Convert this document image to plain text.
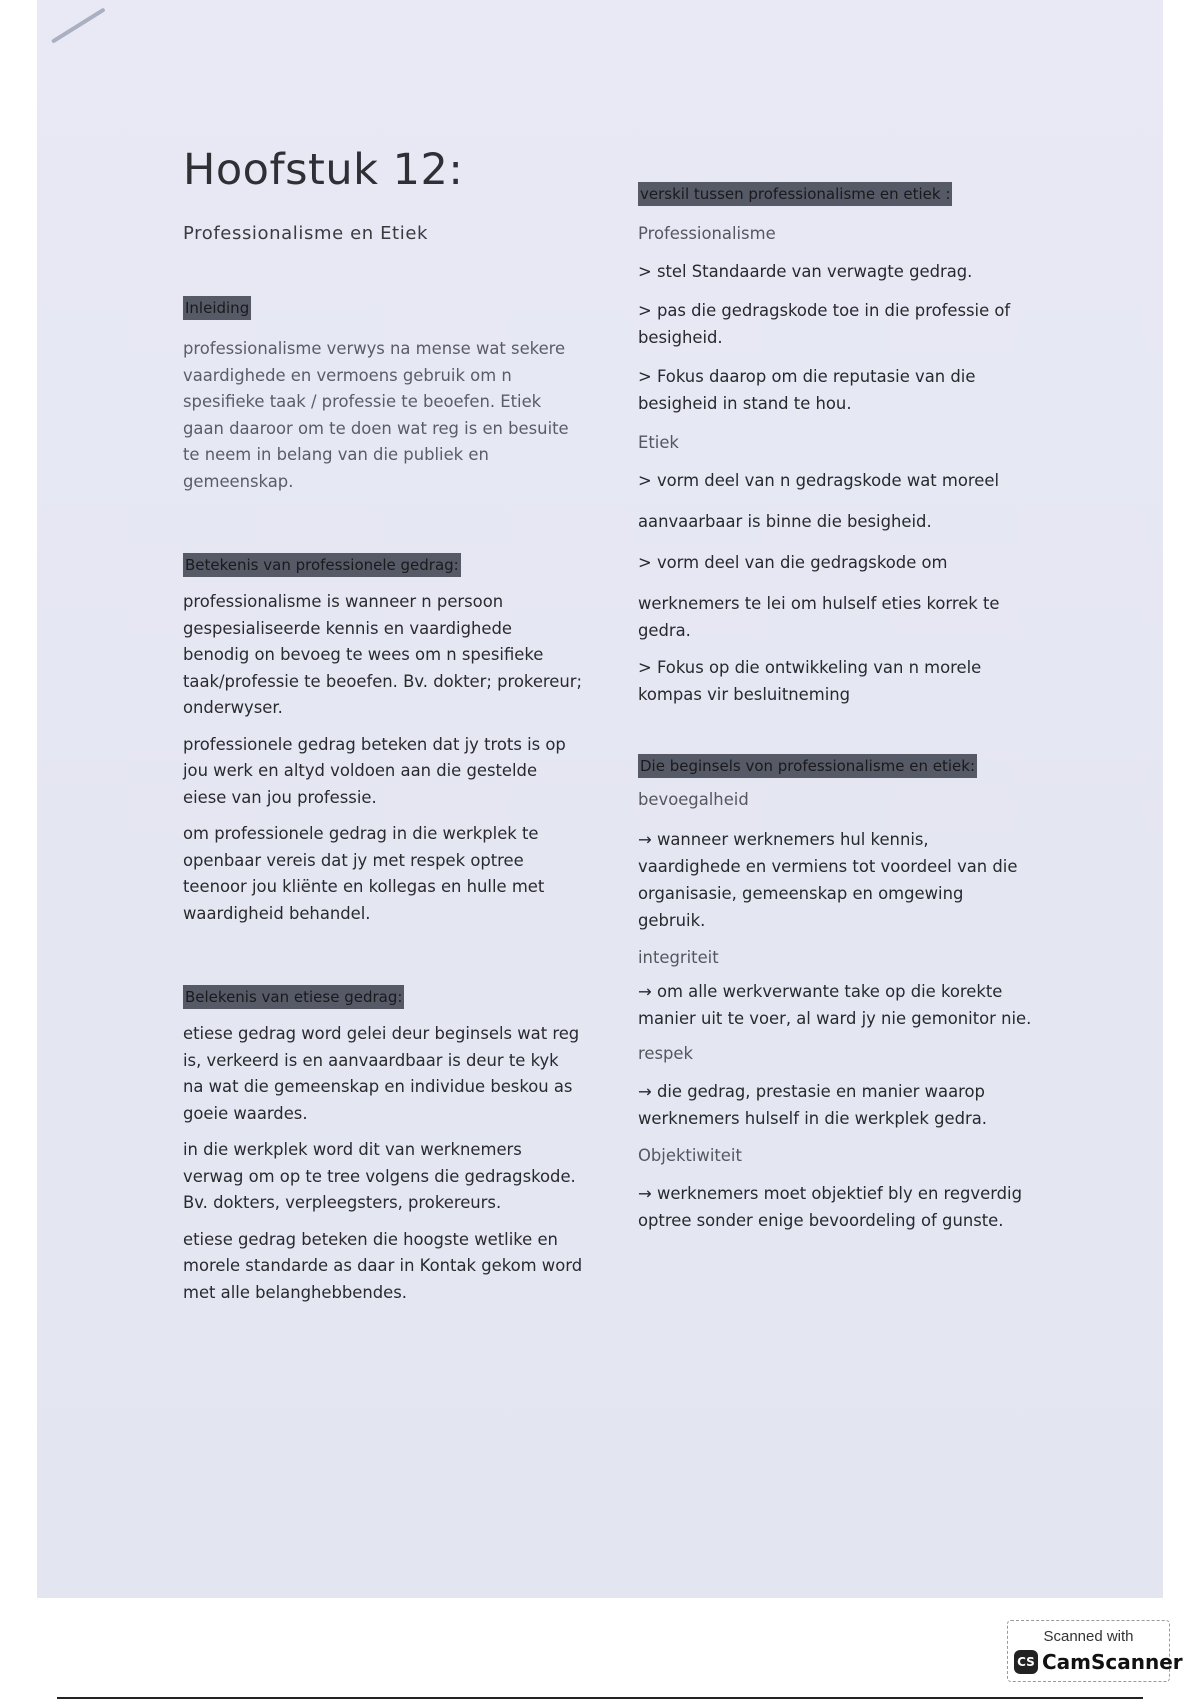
Hoofstuk 12:
Professionalisme en Etiek
Inleiding

professionalisme verwys na mense wat sekere vaardighede en vermoens gebruik om n spesifieke taak / professie te beoefen. Etiek gaan daaroor om te doen wat reg is en besuite te neem in belang van die publiek en gemeenskap.

Betekenis van professionele gedrag:

professionalisme is wanneer n persoon gespesialiseerde kennis en vaardighede benodig on bevoeg te wees om n spesifieke taak/professie te beoefen. Bv. dokter; prokereur; onderwyser.

professionele gedrag beteken dat jy trots is op jou werk en altyd voldoen aan die gestelde eiese van jou professie.

om professionele gedrag in die werkplek te openbaar vereis dat jy met respek optree teenoor jou kliënte en kollegas en hulle met waardigheid behandel.

Belekenis van etiese gedrag:

etiese gedrag word gelei deur beginsels wat reg is, verkeerd is en aanvaardbaar is deur te kyk na wat die gemeenskap en individue beskou as goeie waardes.

in die werkplek word dit van werknemers verwag om op te tree volgens die gedragskode. Bv. dokters, verpleegsters, prokereurs.

etiese gedrag beteken die hoogste wetlike en morele standarde as daar in Kontak gekom word met alle belanghebbendes.

verskil tussen professionalisme en etiek :

Professionalisme

> stel Standaarde van verwagte gedrag.

> pas die gedragskode toe in die professie of besigheid.

> Fokus daarop om die reputasie van die besigheid in stand te hou.

Etiek

> vorm deel van n gedragskode wat moreel

aanvaarbaar is binne die besigheid.

> vorm deel van die gedragskode om

werknemers te lei om hulself eties korrek te gedra.

> Fokus op die ontwikkeling van n morele kompas vir besluitneming

Die beginsels von professionalisme en etiek:

bevoegalheid

→ wanneer werknemers hul kennis, vaardighede en vermiens tot voordeel van die organisasie, gemeenskap en omgewing gebruik.

integriteit

→ om alle werkverwante take op die korekte manier uit te voer, al ward jy nie gemonitor nie.

respek

→ die gedrag, prestasie en manier waarop werknemers hulself in die werkplek gedra.

Objektiwiteit

→ werknemers moet objektief bly en regverdig optree sonder enige bevoordeling of gunste.

Scanned with
CS CamScanner
